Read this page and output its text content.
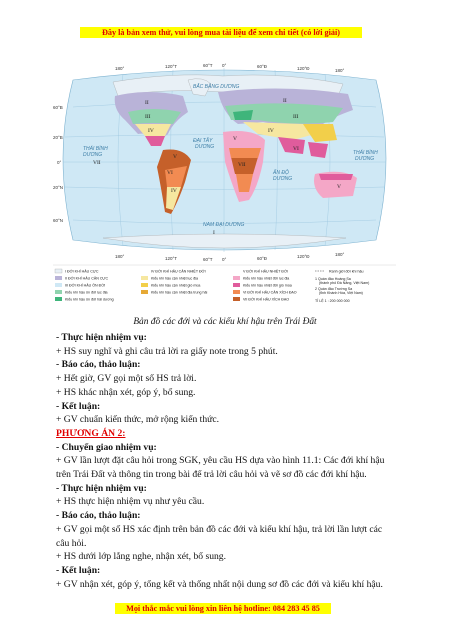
Đây là bản xem thử, vui lòng mua tài liệu để xem chi tiết (có lời giải)
BẮC BĂNG DƯƠNG
THÁI BÌNH
DƯƠNG
ĐẠI TÂY
DƯƠNG
ẤN ĐỘ
DƯƠNG
THÁI BÌNH
DƯƠNG
NAM ĐẠI DƯƠNG
II
III
IV
V
VI
IV
V
VII
II
III
IV
VI
V
I
VII
180°	120°T	60°T 0°	60°Đ	120°Đ	180°
180°	120°T	60°T 0°	60°Đ	120°Đ	180°
60°B
20°B
0°
20°N
60°N
I ĐỚI KHÍ HẬU CỰC
II ĐỚI KHÍ HẬU CẬN CỰC
III ĐỚI KHÍ HẬU ÔN ĐỚI
Kiểu khí hậu ôn đới lục địa
Kiểu khí hậu ôn đới hải dương
IV ĐỚI KHÍ HẬU CẬN NHIỆT ĐỚI
Kiểu khí hậu cận nhiệt lục địa
Kiểu khí hậu cận nhiệt gió mùa
Kiểu khí hậu cận nhiệt địa trung hải
V ĐỚI KHÍ HẬU NHIỆT ĐỚI
Kiểu khí hậu nhiệt đới lục địa
Kiểu khí hậu nhiệt đới gió mùa
VI ĐỚI KHÍ HẬU CẬN XÍCH ĐẠO
VII ĐỚI KHÍ HẬU XÍCH ĐẠO
Ranh giới đới khí hậu
1 Quần đảo Hoàng Sa
(thành phố Đà Nẵng, Việt Nam)
2 Quần đảo Trường Sa
(tỉnh Khánh Hòa, Việt Nam)
TỈ LỆ 1 : 200 000 000
Bản đồ các đới và các kiểu khí hậu trên Trái Đất

- Thực hiện nhiệm vụ:

+ HS suy nghĩ và ghi câu trả lời ra giấy note trong 5 phút.

- Báo cáo, thảo luận:

+ Hết giờ, GV gọi một số HS trả lời.

+ HS khác nhận xét, góp ý, bổ sung.

- Kết luận:

+ GV chuẩn kiến thức, mở rộng kiến thức.

PHƯƠNG ÁN 2:

- Chuyển giao nhiệm vụ:

+ GV lần lượt đặt câu hỏi trong SGK, yêu cầu HS dựa vào hình 11.1: Các đới khí hậu trên Trái Đất và thông tin trong bài để trả lời câu hỏi và vẽ sơ đồ các đới khí hậu.

- Thực hiện nhiệm vụ:

+ HS thực hiện nhiệm vụ như yêu cầu.

- Báo cáo, thảo luận:

+ GV gọi một số HS xác định trên bản đồ các đới và kiểu khí hậu, trả lời lần lượt các câu hỏi.

+ HS dưới lớp lắng nghe, nhận xét, bổ sung.

- Kết luận:

+ GV nhận xét, góp ý, tổng kết và thống nhất nội dung sơ đồ các đới và kiểu khí hậu.

Mọi thắc mắc vui lòng xin liên hệ hotline: 084 283 45 85
